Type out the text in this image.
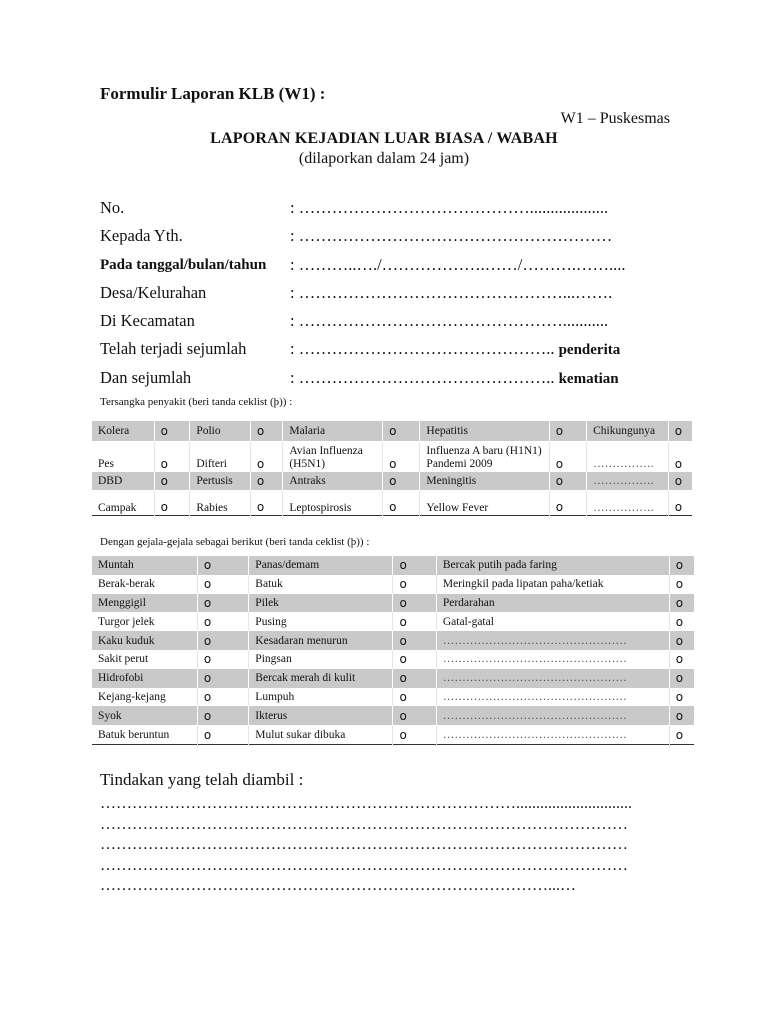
Formulir Laporan KLB (W1) :
W1 – Puskesmas
LAPORAN KEJADIAN LUAR BIASA / WABAH
(dilaporkan dalam 24 jam)
No.	: ……………………………………...................
Kepada Yth.	: …………………………………………………
Pada tanggal/bulan/tahun : ………..…./……………….……/……….……....
Desa/Kelurahan	: …………………………………………...…….
Di Kecamatan	: …………………………………………...........
Telah terjadi sejumlah	: ……………………………………….. penderita
Dan sejumlah	: ……………………………………….. kematian
Tersangka penyakit (beri tanda ceklist (þ)) :
Kolera	o	Polio	o	Malaria	o	Hepatitis	o	Chikungunya	o
Pes	o	Difteri	o	Avian Influenza (H5N1)	o	Influenza A baru (H1N1) Pandemi 2009	o	…………….	o
DBD	o	Pertusis	o	Antraks	o	Meningitis	o	…………….	o
Campak	o	Rabies	o	Leptospirosis	o	Yellow Fever	o	…………….	o
Dengan gejala-gejala sebagai berikut (beri tanda ceklist (þ)) :
Muntah	o	Panas/demam	o	Bercak putih pada faring	o
Berak-berak	o	Batuk	o	Meringkil pada lipatan paha/ketiak	o
Menggigil	o	Pilek	o	Perdarahan	o
Turgor jelek	o	Pusing	o	Gatal-gatal	o
Kaku kuduk	o	Kesadaran menurun	o	…………………………………………	o
Sakit perut	o	Pingsan	o	…………………………………………	o
Hidrofobi	o	Bercak merah di kulit	o	…………………………………………	o
Kejang-kejang	o	Lumpuh	o	…………………………………………	o
Syok	o	Ikterus	o	…………………………………………	o
Batuk beruntun	o	Mulut sukar dibuka	o	…………………………………………	o
Tindakan yang telah diambil :
…………………………………………………………………….............................
………………………………………………………………………………………
………………………………………………………………………………………
………………………………………………………………………………………
…………………………………………………………………………...…
